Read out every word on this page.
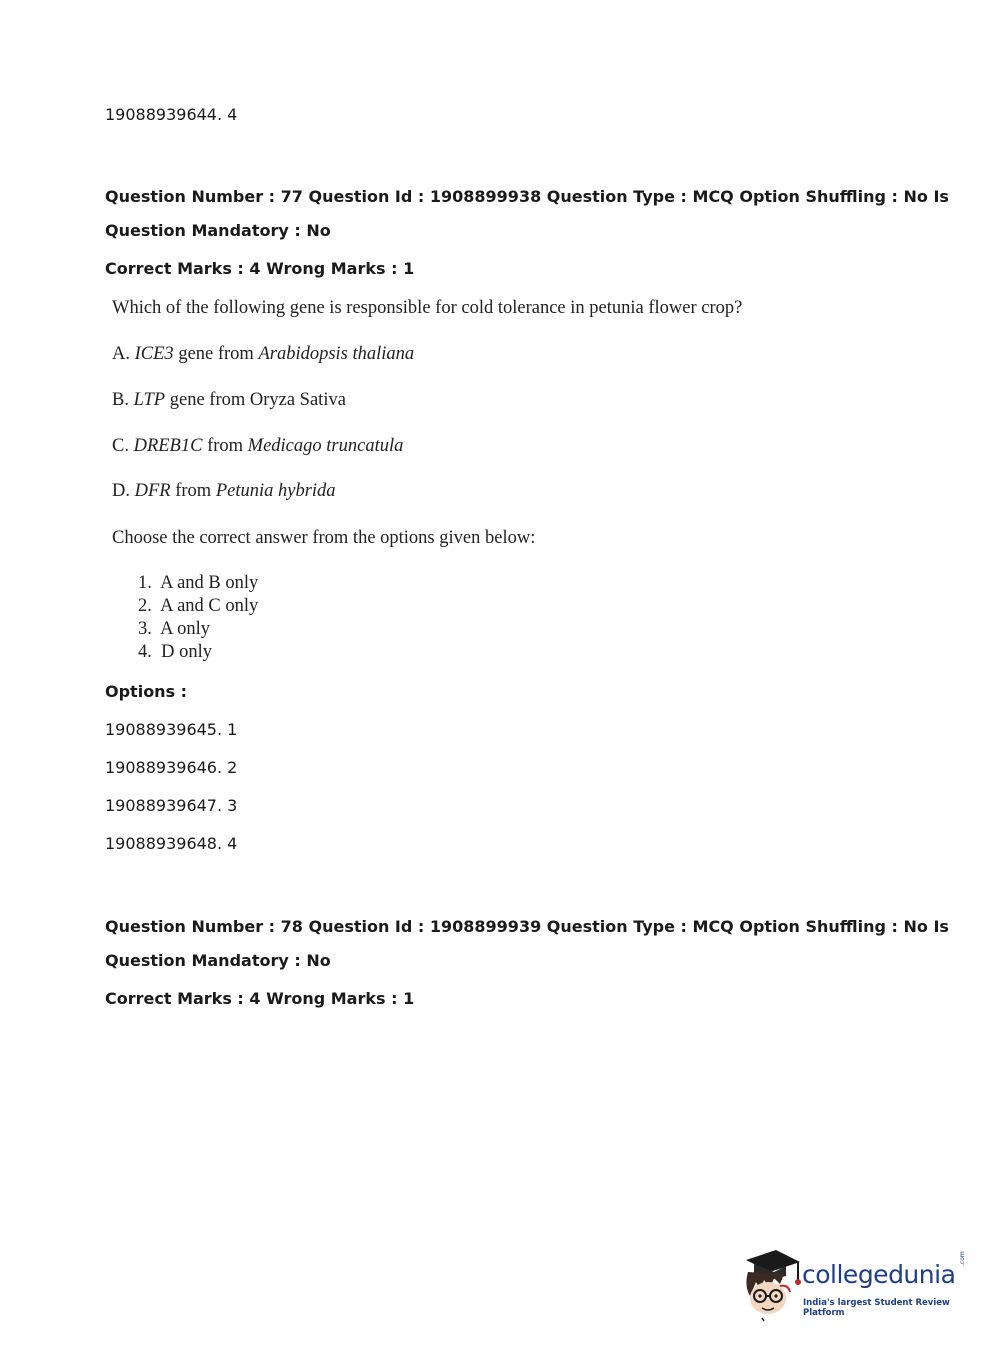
19088939644. 4
Question Number : 77 Question Id : 1908899938 Question Type : MCQ Option Shuffling : No Is
Question Mandatory : No
Correct Marks : 4 Wrong Marks : 1
Which of the following gene is responsible for cold tolerance in petunia flower crop?
A. ICE3 gene from Arabidopsis thaliana
B. LTP gene from Oryza Sativa
C. DREB1C from Medicago truncatula
D. DFR from Petunia hybrida
Choose the correct answer from the options given below:
1. A and B only
2. A and C only
3. A only
4. D only
Options :
19088939645. 1
19088939646. 2
19088939647. 3
19088939648. 4
Question Number : 78 Question Id : 1908899939 Question Type : MCQ Option Shuffling : No Is
Question Mandatory : No
Correct Marks : 4 Wrong Marks : 1
collegedunia
.com
India's largest Student Review Platform
